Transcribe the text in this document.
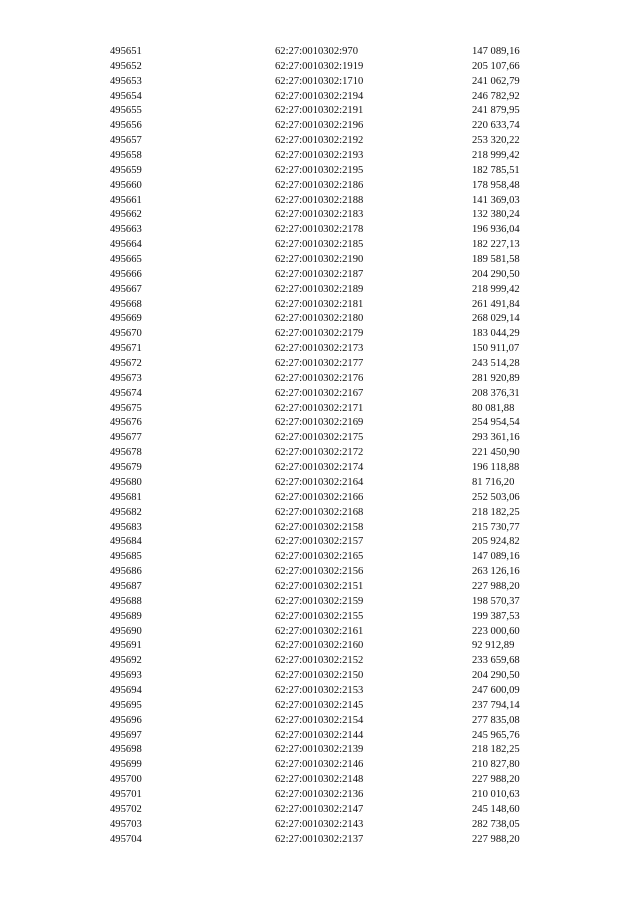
495651	62:27:0010302:970	147 089,16
495652	62:27:0010302:1919	205 107,66
495653	62:27:0010302:1710	241 062,79
495654	62:27:0010302:2194	246 782,92
495655	62:27:0010302:2191	241 879,95
495656	62:27:0010302:2196	220 633,74
495657	62:27:0010302:2192	253 320,22
495658	62:27:0010302:2193	218 999,42
495659	62:27:0010302:2195	182 785,51
495660	62:27:0010302:2186	178 958,48
495661	62:27:0010302:2188	141 369,03
495662	62:27:0010302:2183	132 380,24
495663	62:27:0010302:2178	196 936,04
495664	62:27:0010302:2185	182 227,13
495665	62:27:0010302:2190	189 581,58
495666	62:27:0010302:2187	204 290,50
495667	62:27:0010302:2189	218 999,42
495668	62:27:0010302:2181	261 491,84
495669	62:27:0010302:2180	268 029,14
495670	62:27:0010302:2179	183 044,29
495671	62:27:0010302:2173	150 911,07
495672	62:27:0010302:2177	243 514,28
495673	62:27:0010302:2176	281 920,89
495674	62:27:0010302:2167	208 376,31
495675	62:27:0010302:2171	80 081,88
495676	62:27:0010302:2169	254 954,54
495677	62:27:0010302:2175	293 361,16
495678	62:27:0010302:2172	221 450,90
495679	62:27:0010302:2174	196 118,88
495680	62:27:0010302:2164	81 716,20
495681	62:27:0010302:2166	252 503,06
495682	62:27:0010302:2168	218 182,25
495683	62:27:0010302:2158	215 730,77
495684	62:27:0010302:2157	205 924,82
495685	62:27:0010302:2165	147 089,16
495686	62:27:0010302:2156	263 126,16
495687	62:27:0010302:2151	227 988,20
495688	62:27:0010302:2159	198 570,37
495689	62:27:0010302:2155	199 387,53
495690	62:27:0010302:2161	223 000,60
495691	62:27:0010302:2160	92 912,89
495692	62:27:0010302:2152	233 659,68
495693	62:27:0010302:2150	204 290,50
495694	62:27:0010302:2153	247 600,09
495695	62:27:0010302:2145	237 794,14
495696	62:27:0010302:2154	277 835,08
495697	62:27:0010302:2144	245 965,76
495698	62:27:0010302:2139	218 182,25
495699	62:27:0010302:2146	210 827,80
495700	62:27:0010302:2148	227 988,20
495701	62:27:0010302:2136	210 010,63
495702	62:27:0010302:2147	245 148,60
495703	62:27:0010302:2143	282 738,05
495704	62:27:0010302:2137	227 988,20
